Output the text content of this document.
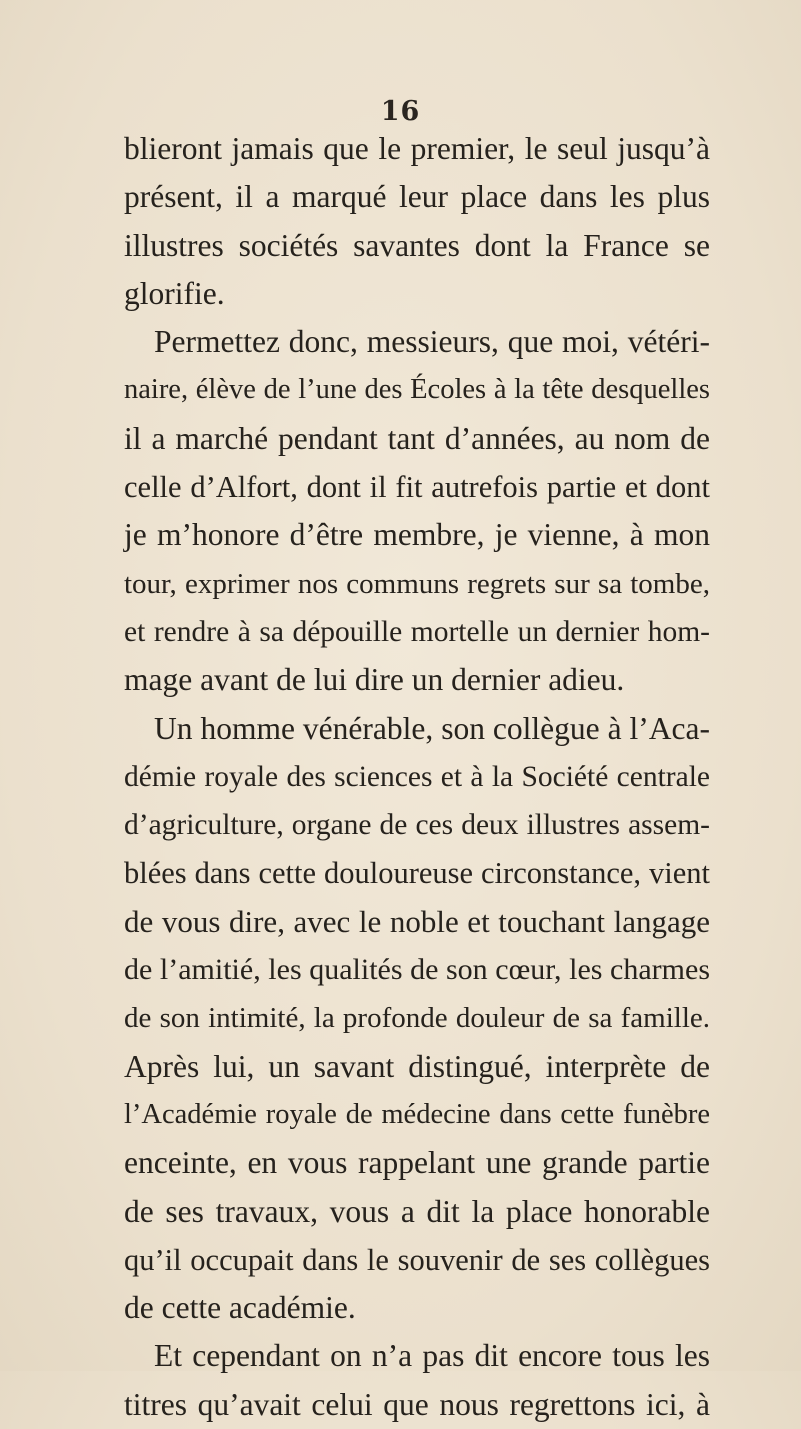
16
blieront jamais que le premier, le seul jusqu’à
présent, il a marqué leur place dans les plus
illustres sociétés savantes dont la France se
glorifie.
Permettez donc, messieurs, que moi, vétéri-
naire, élève de l’une des Écoles à la tête desquelles
il a marché pendant tant d’années, au nom de
celle d’Alfort, dont il fit autrefois partie et dont
je m’honore d’être membre, je vienne, à mon
tour, exprimer nos communs regrets sur sa tombe,
et rendre à sa dépouille mortelle un dernier hom-
mage avant de lui dire un dernier adieu.
Un homme vénérable, son collègue à l’Aca-
démie royale des sciences et à la Société centrale
d’agriculture, organe de ces deux illustres assem-
blées dans cette douloureuse circonstance, vient
de vous dire, avec le noble et touchant langage
de l’amitié, les qualités de son cœur, les charmes
de son intimité, la profonde douleur de sa famille.
Après lui, un savant distingué, interprète de
l’Académie royale de médecine dans cette funèbre
enceinte, en vous rappelant une grande partie
de ses travaux, vous a dit la place honorable
qu’il occupait dans le souvenir de ses collègues
de cette académie.
Et cependant on n’a pas dit encore tous les
titres qu’avait celui que nous regrettons ici, à
